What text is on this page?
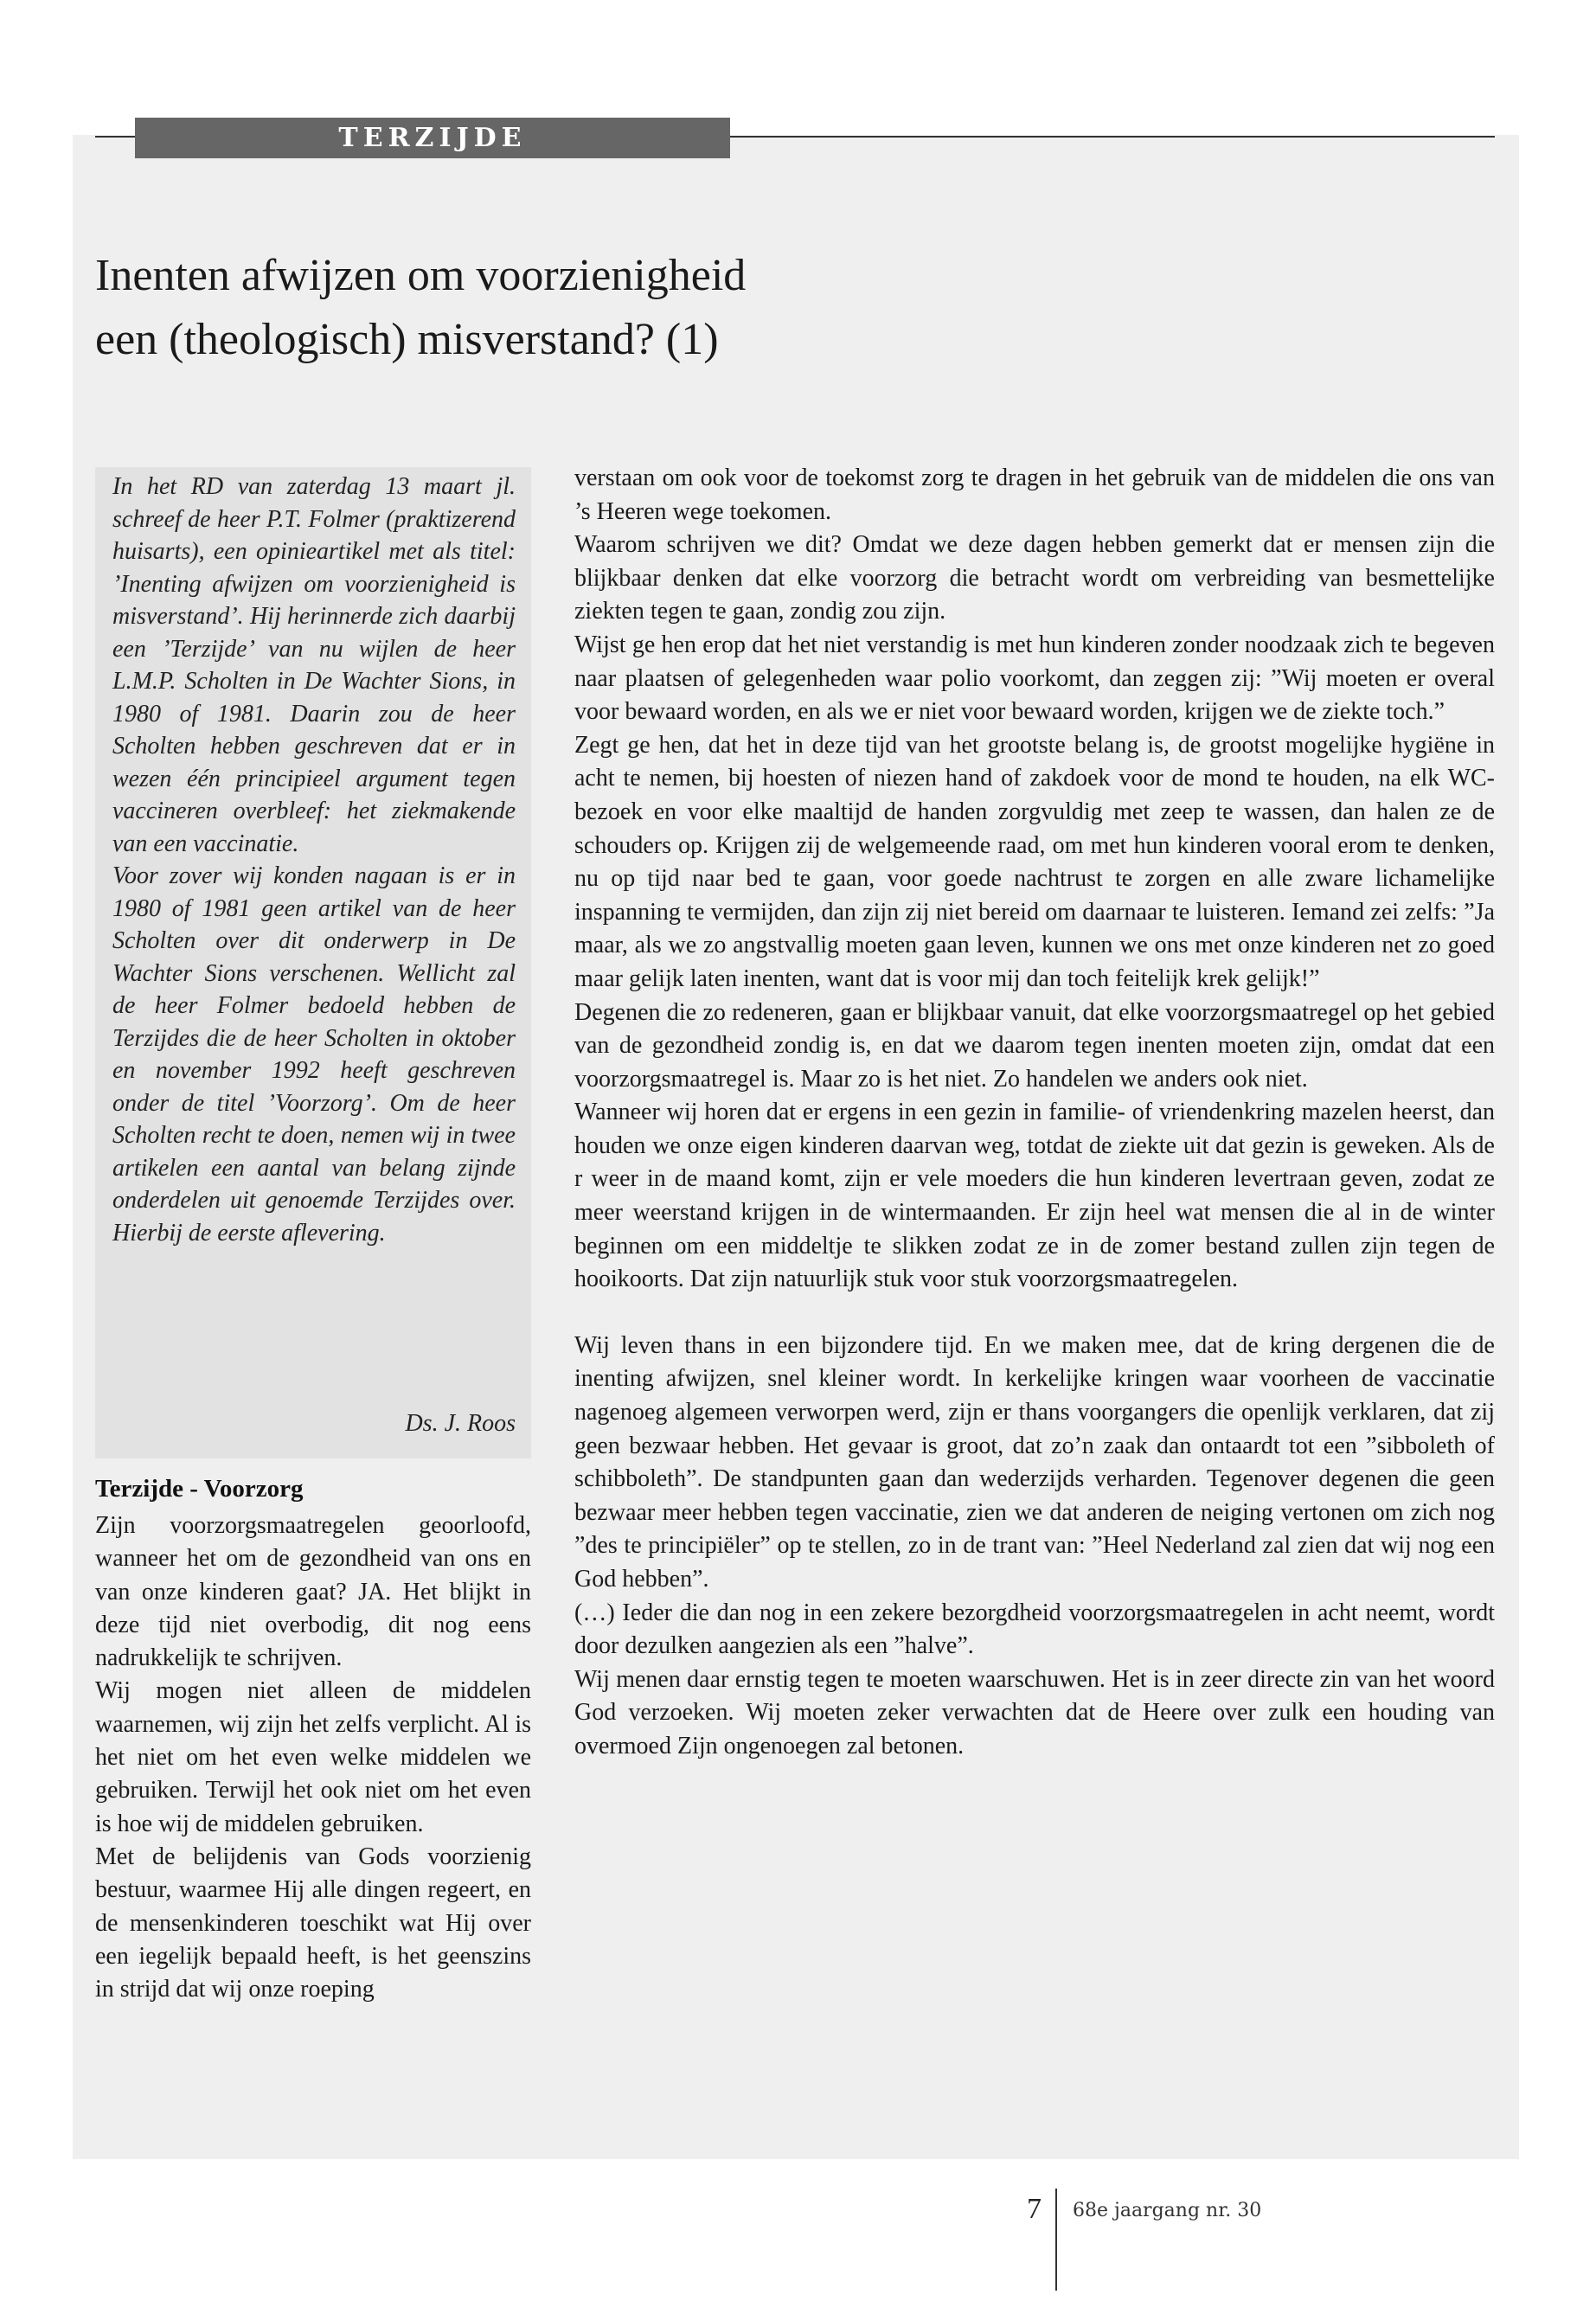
TERZIJDE
Inenten afwijzen om voorzienigheid
een (theologisch) misverstand? (1)

In het RD van zaterdag 13 maart jl. schreef de heer P.T. Folmer (praktizerend huisarts), een opinieartikel met als titel: ’Inenting afwijzen om voorzienigheid is misverstand’. Hij herinnerde zich daarbij een ’Terzijde’ van nu wijlen de heer L.M.P. Scholten in De Wachter Sions, in 1980 of 1981. Daarin zou de heer Scholten hebben geschreven dat er in wezen één principieel argument tegen vaccineren overbleef: het ziekmakende van een vaccinatie.

Voor zover wij konden nagaan is er in 1980 of 1981 geen artikel van de heer Scholten over dit onderwerp in De Wachter Sions verschenen. Wellicht zal de heer Folmer bedoeld hebben de Terzijdes die de heer Scholten in oktober en november 1992 heeft geschreven onder de titel ’Voorzorg’. Om de heer Scholten recht te doen, nemen wij in twee artikelen een aantal van belang zijnde onderdelen uit genoemde Terzijdes over. Hierbij de eerste aflevering.

Ds. J. Roos
Terzijde - Voorzorg

Zijn voorzorgsmaatregelen geoorloofd, wanneer het om de gezondheid van ons en van onze kinderen gaat? JA. Het blijkt in deze tijd niet overbodig, dit nog eens nadrukkelijk te schrijven.

Wij mogen niet alleen de middelen waarnemen, wij zijn het zelfs verplicht. Al is het niet om het even welke middelen we gebruiken. Terwijl het ook niet om het even is hoe wij de middelen gebruiken.

Met de belijdenis van Gods voorzienig bestuur, waarmee Hij alle dingen regeert, en de mensenkinderen toeschikt wat Hij over een iegelijk bepaald heeft, is het geenszins in strijd dat wij onze roeping

verstaan om ook voor de toekomst zorg te dragen in het gebruik van de middelen die ons van ’s Heeren wege toekomen.

Waarom schrijven we dit? Omdat we deze dagen hebben gemerkt dat er mensen zijn die blijkbaar denken dat elke voorzorg die betracht wordt om verbreiding van besmettelijke ziekten tegen te gaan, zondig zou zijn.

Wijst ge hen erop dat het niet verstandig is met hun kinderen zonder noodzaak zich te begeven naar plaatsen of gelegenheden waar polio voorkomt, dan zeggen zij: ”Wij moeten er overal voor bewaard worden, en als we er niet voor bewaard worden, krijgen we de ziekte toch.”

Zegt ge hen, dat het in deze tijd van het grootste belang is, de grootst mogelijke hygiëne in acht te nemen, bij hoesten of niezen hand of zakdoek voor de mond te houden, na elk WC-bezoek en voor elke maaltijd de handen zorgvuldig met zeep te wassen, dan halen ze de schouders op. Krijgen zij de welgemeende raad, om met hun kinderen vooral erom te denken, nu op tijd naar bed te gaan, voor goede nachtrust te zorgen en alle zware lichamelijke inspanning te vermijden, dan zijn zij niet bereid om daarnaar te luisteren. Iemand zei zelfs: ”Ja maar, als we zo angstvallig moeten gaan leven, kunnen we ons met onze kinderen net zo goed maar gelijk laten inenten, want dat is voor mij dan toch feitelijk krek gelijk!”

Degenen die zo redeneren, gaan er blijkbaar vanuit, dat elke voorzorgsmaatregel op het gebied van de gezondheid zondig is, en dat we daarom tegen inenten moeten zijn, omdat dat een voorzorgsmaatregel is. Maar zo is het niet. Zo handelen we anders ook niet.

Wanneer wij horen dat er ergens in een gezin in familie- of vriendenkring mazelen heerst, dan houden we onze eigen kinderen daarvan weg, totdat de ziekte uit dat gezin is geweken. Als de r weer in de maand komt, zijn er vele moeders die hun kinderen levertraan geven, zodat ze meer weerstand krijgen in de wintermaanden. Er zijn heel wat mensen die al in de winter beginnen om een middeltje te slikken zodat ze in de zomer bestand zullen zijn tegen de hooikoorts. Dat zijn natuurlijk stuk voor stuk voorzorgsmaatregelen.

Wij leven thans in een bijzondere tijd. En we maken mee, dat de kring dergenen die de inenting afwijzen, snel kleiner wordt. In kerkelijke kringen waar voorheen de vaccinatie nagenoeg algemeen verworpen werd, zijn er thans voorgangers die openlijk verklaren, dat zij geen bezwaar hebben. Het gevaar is groot, dat zo’n zaak dan ontaardt tot een ”sibboleth of schibboleth”. De standpunten gaan dan wederzijds verharden. Tegenover degenen die geen bezwaar meer hebben tegen vaccinatie, zien we dat anderen de neiging vertonen om zich nog ”des te principiëler” op te stellen, zo in de trant van: ”Heel Nederland zal zien dat wij nog een God hebben”.

(…) Ieder die dan nog in een zekere bezorgdheid voorzorgsmaatregelen in acht neemt, wordt door dezulken aangezien als een ”halve”.

Wij menen daar ernstig tegen te moeten waarschuwen. Het is in zeer directe zin van het woord God verzoeken. Wij moeten zeker verwachten dat de Heere over zulk een houding van overmoed Zijn ongenoegen zal betonen.

7 68e jaargang nr. 30
